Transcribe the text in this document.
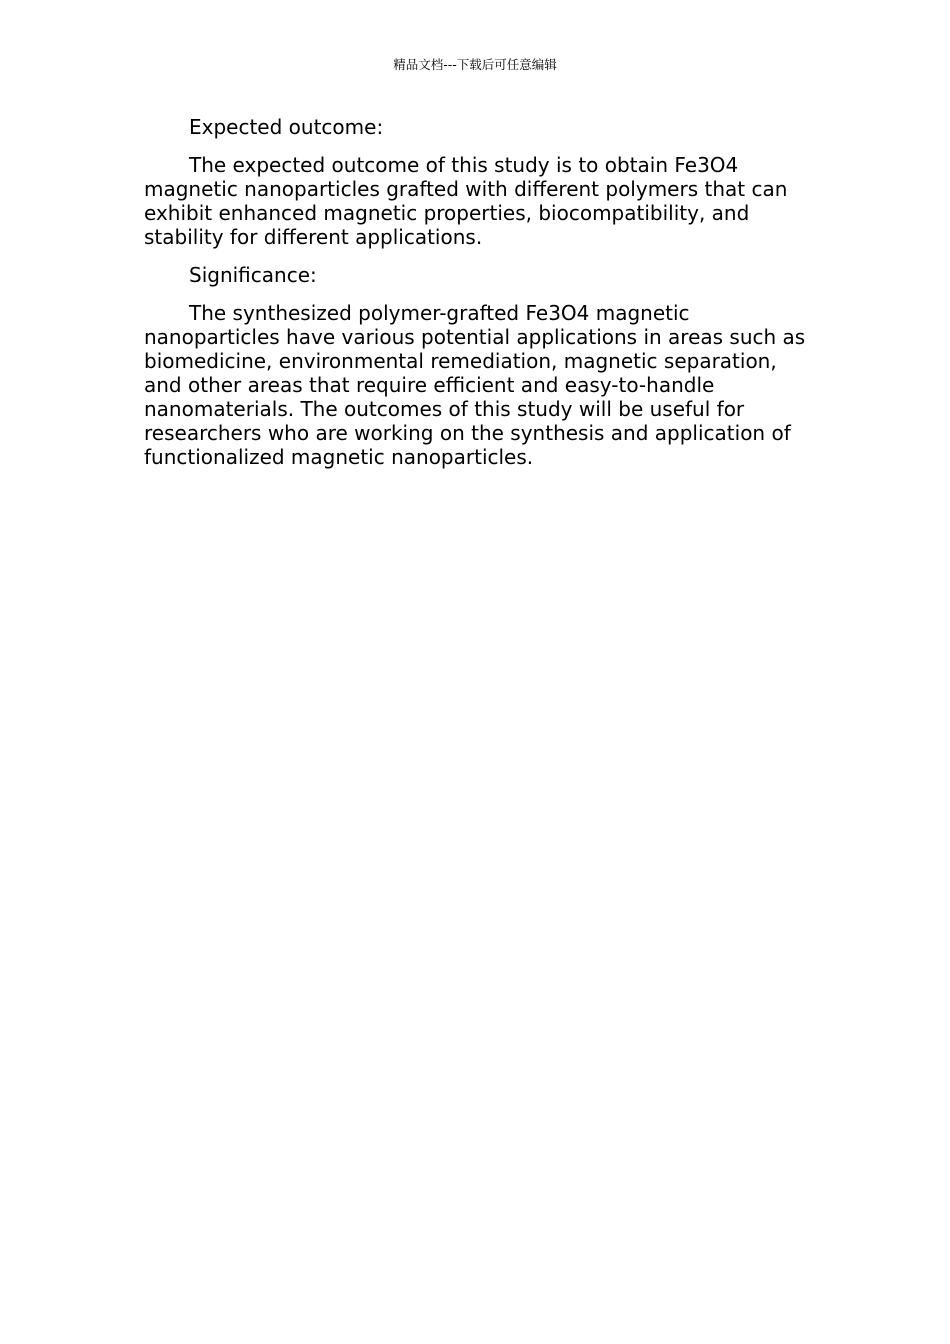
精品文档---下载后可任意编辑

Expected outcome:

The expected outcome of this study is to obtain Fe3O4 magnetic nanoparticles grafted with different polymers that can exhibit enhanced magnetic properties, biocompatibility, and stability for different applications.

Significance:

The synthesized polymer-grafted Fe3O4 magnetic nanoparticles have various potential applications in areas such as biomedicine, environmental remediation, magnetic separation, and other areas that require efficient and easy-to-handle nanomaterials. The outcomes of this study will be useful for researchers who are working on the synthesis and application of functionalized magnetic nanoparticles.
